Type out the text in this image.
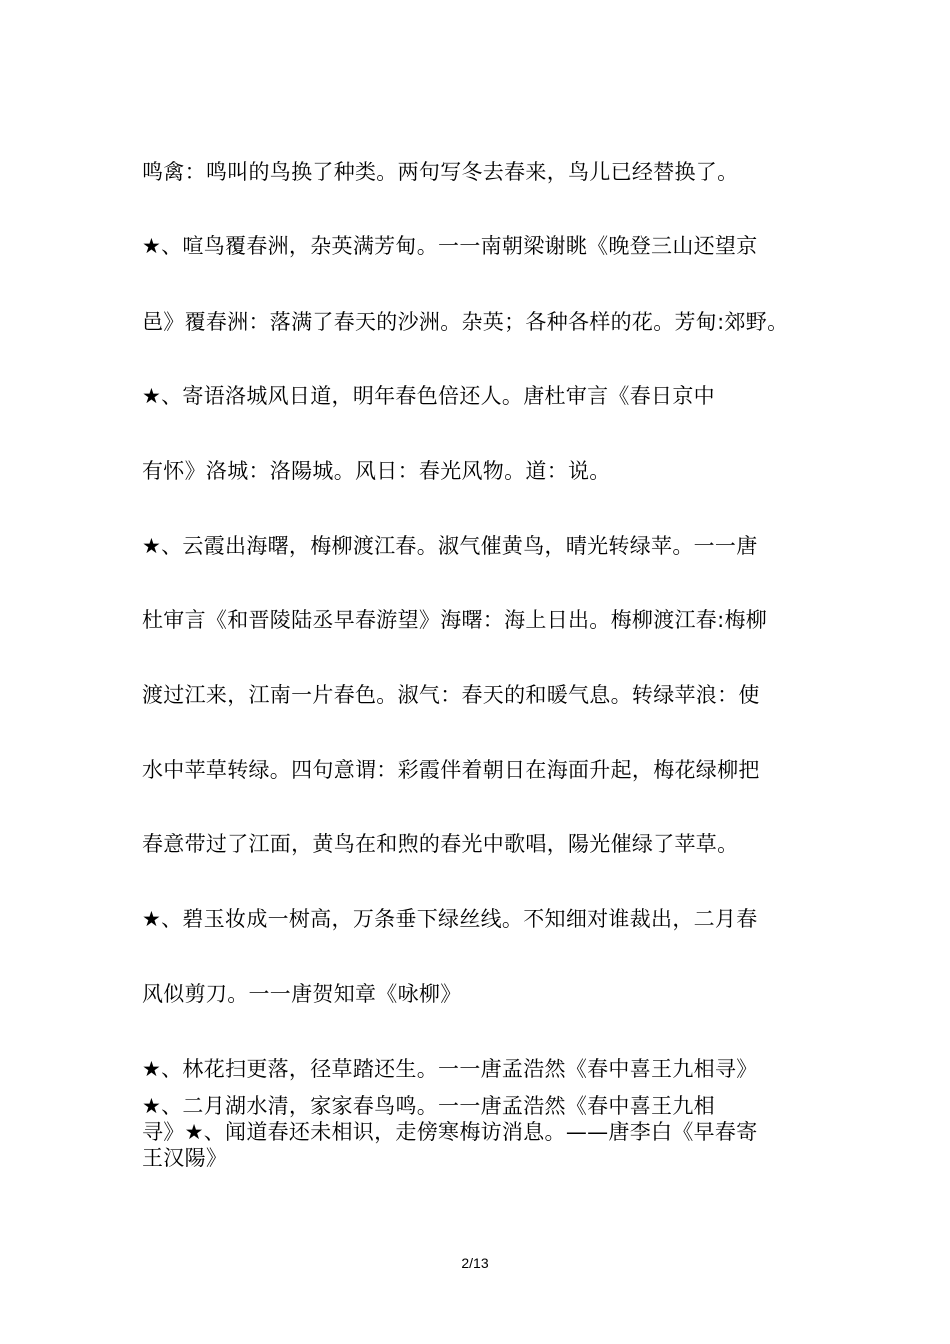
鸣禽：鸣叫的鸟换了种类。两句写冬去春来，鸟儿已经替换了。
★、喧鸟覆春洲，杂英满芳甸。一一南朝梁谢眺《晚登三山还望京
邑》覆春洲：落满了春天的沙洲。杂英；各种各样的花。芳甸:郊野。
★、寄语洛城风日道，明年春色倍还人。唐杜审言《春日京中
有怀》洛城：洛陽城。风日：春光风物。道：说。
★、云霞出海曙，梅柳渡江春。淑气催黄鸟，晴光转绿苹。一一唐
杜审言《和晋陵陆丞早春游望》海曙：海上日出。梅柳渡江春:梅柳
渡过江来，江南一片春色。淑气：春天的和暖气息。转绿苹浪：使
水中苹草转绿。四句意谓：彩霞伴着朝日在海面升起，梅花绿柳把
春意带过了江面，黄鸟在和煦的春光中歌唱，陽光催绿了苹草。
★、碧玉妆成一树高，万条垂下绿丝线。不知细对谁裁出，二月春
风似剪刀。一一唐贺知章《咏柳》
★、林花扫更落，径草踏还生。一一唐孟浩然《春中喜王九相寻》
★、二月湖水清，家家春鸟鸣。一一唐孟浩然《春中喜王九相
寻》★、闻道春还未相识，走傍寒梅访消息。——唐李白《早春寄
王汉陽》
2/13
